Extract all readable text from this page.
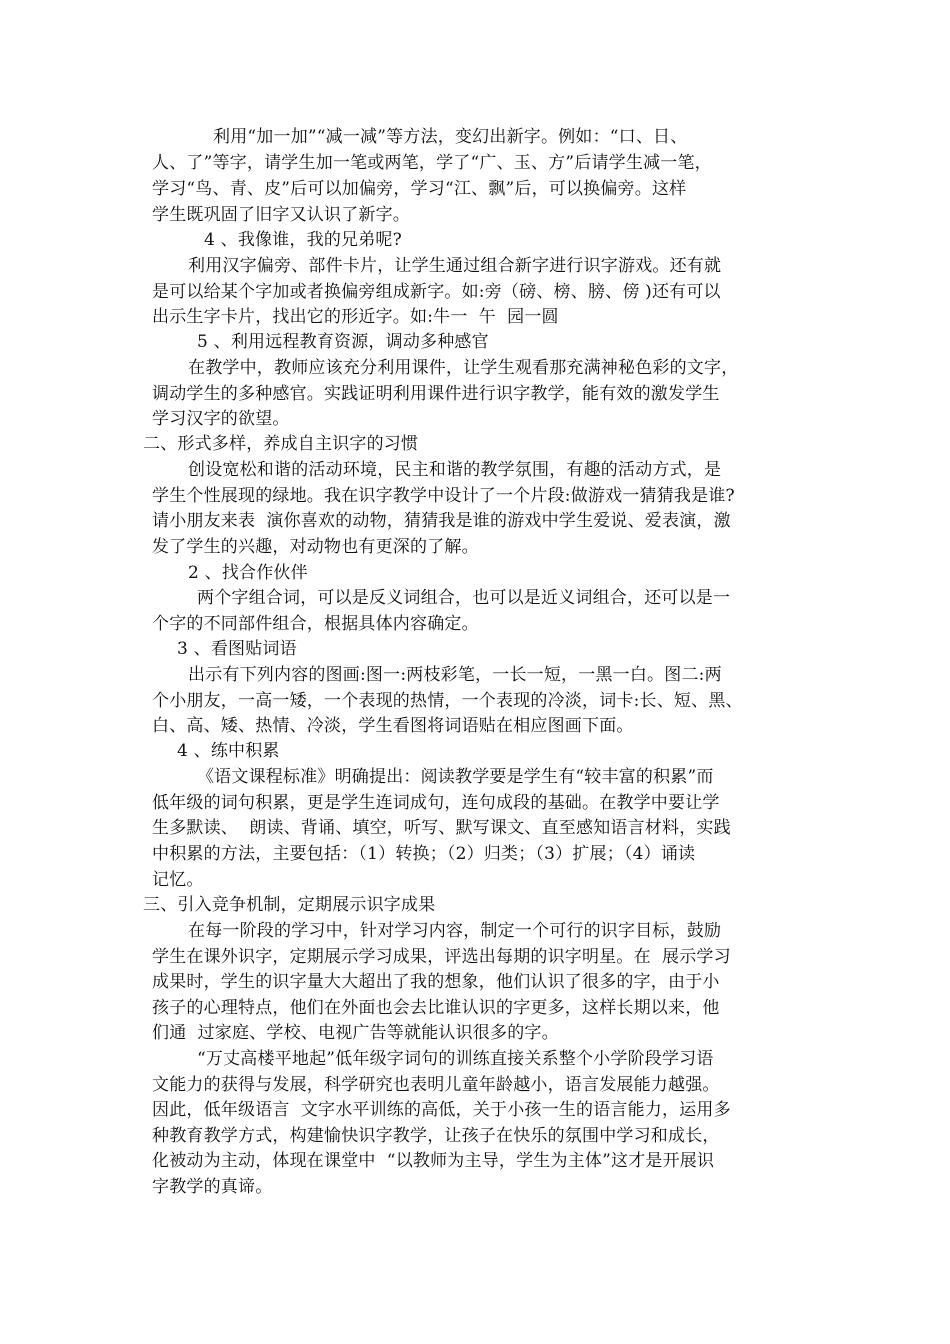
利用“加一加”“减一减”等方法，变幻出新字。例如：“口、日、
人、了”等字，请学生加一笔或两笔，学了“广、玉、方”后请学生减一笔，
学习“鸟、青、皮”后可以加偏旁，学习“江、飘”后，可以换偏旁。这样
学生既巩固了旧字又认识了新字。
4 、我像谁，我的兄弟呢?
利用汉字偏旁、部件卡片，让学生通过组合新字进行识字游戏。还有就
是可以给某个字加或者换偏旁组成新字。如:旁（磅、榜、膀、傍 )还有可以
出示生字卡片，找出它的形近字。如:牛一  午  园一圆
5 、利用远程教育资源，调动多种感官
在教学中，教师应该充分利用课件，让学生观看那充满神秘色彩的文字，
调动学生的多种感官。实践证明利用课件进行识字教学，能有效的激发学生
学习汉字的欲望。
二、形式多样，养成自主识字的习惯
创设宽松和谐的活动环境，民主和谐的教学氛围，有趣的活动方式，是
学生个性展现的绿地。我在识字教学中设计了一个片段:做游戏一猜猜我是谁?
请小朋友来表  演你喜欢的动物，猜猜我是谁的游戏中学生爱说、爱表演，激
发了学生的兴趣，对动物也有更深的了解。
2 、找合作伙伴
两个字组合词，可以是反义词组合，也可以是近义词组合，还可以是一
个字的不同部件组合，根据具体内容确定。
3 、看图贴词语
出示有下列内容的图画:图一:两枝彩笔，一长一短，一黑一白。图二:两
个小朋友，一高一矮，一个表现的热情，一个表现的冷淡，词卡:长、短、黑、
白、高、矮、热情、冷淡，学生看图将词语贴在相应图画下面。
4 、练中积累
《语文课程标准》明确提出：阅读教学要是学生有“较丰富的积累”而
低年级的词句积累，更是学生连词成句，连句成段的基础。在教学中要让学
生多默读、  朗读、背诵、填空，听写、默写课文、直至感知语言材料，实践
中积累的方法，主要包括：（1）转换；（2）归类；（3）扩展；（4）诵读
记忆。
三、引入竞争机制，定期展示识字成果
在每一阶段的学习中，针对学习内容，制定一个可行的识字目标，鼓励
学生在课外识字，定期展示学习成果，评选出每期的识字明星。在  展示学习
成果时，学生的识字量大大超出了我的想象，他们认识了很多的字，由于小
孩子的心理特点，他们在外面也会去比谁认识的字更多，这样长期以来，他
们通  过家庭、学校、电视广告等就能认识很多的字。
“万丈高楼平地起”低年级字词句的训练直接关系整个小学阶段学习语
文能力的获得与发展，科学研究也表明儿童年龄越小，语言发展能力越强。
因此，低年级语言  文字水平训练的高低，关于小孩一生的语言能力，运用多
种教育教学方式，构建愉快识字教学，让孩子在快乐的氛围中学习和成长，
化被动为主动，体现在课堂中  “以教师为主导，学生为主体”这才是开展识
字教学的真谛。
